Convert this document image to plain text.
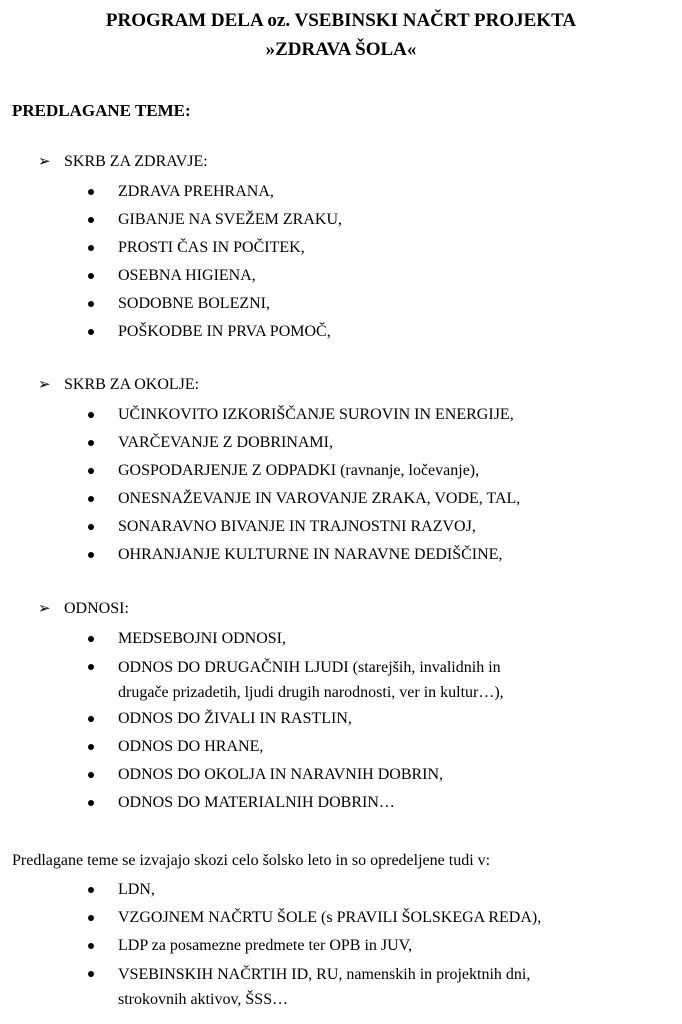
PROGRAM DELA oz. VSEBINSKI NAČRT PROJEKTA
»ZDRAVA ŠOLA«
PREDLAGANE TEME:
➢ SKRB ZA ZDRAVJE:
ZDRAVA PREHRANA,
GIBANJE NA SVEŽEM ZRAKU,
PROSTI ČAS IN POČITEK,
OSEBNA HIGIENA,
SODOBNE BOLEZNI,
POŠKODBE IN PRVA POMOČ,
➢ SKRB ZA OKOLJE:
UČINKOVITO IZKORIŠČANJE SUROVIN IN ENERGIJE,
VARČEVANJE Z DOBRINAMI,
GOSPODARJENJE Z ODPADKI (ravnanje, ločevanje),
ONESNAŽEVANJE IN VAROVANJE ZRAKA, VODE, TAL,
SONARAVNO BIVANJE IN TRAJNOSTNI RAZVOJ,
OHRANJANJE KULTURNE IN NARAVNE DEDIŠČINE,
➢ ODNOSI:
MEDSEBOJNI ODNOSI,
ODNOS DO DRUGAČNIH LJUDI (starejših, invalidnih in
drugače prizadetih, ljudi drugih narodnosti, ver in kultur…),
ODNOS DO ŽIVALI IN RASTLIN,
ODNOS DO HRANE,
ODNOS DO OKOLJA IN NARAVNIH DOBRIN,
ODNOS DO MATERIALNIH DOBRIN…

Predlagane teme se izvajajo skozi celo šolsko leto in so opredeljene tudi v:

LDN,
VZGOJNEM NAČRTU ŠOLE (s PRAVILI ŠOLSKEGA REDA),
LDP za posamezne predmete ter OPB in JUV,
VSEBINSKIH NAČRTIH ID, RU, namenskih in projektnih dni,
strokovnih aktivov, ŠSS…
